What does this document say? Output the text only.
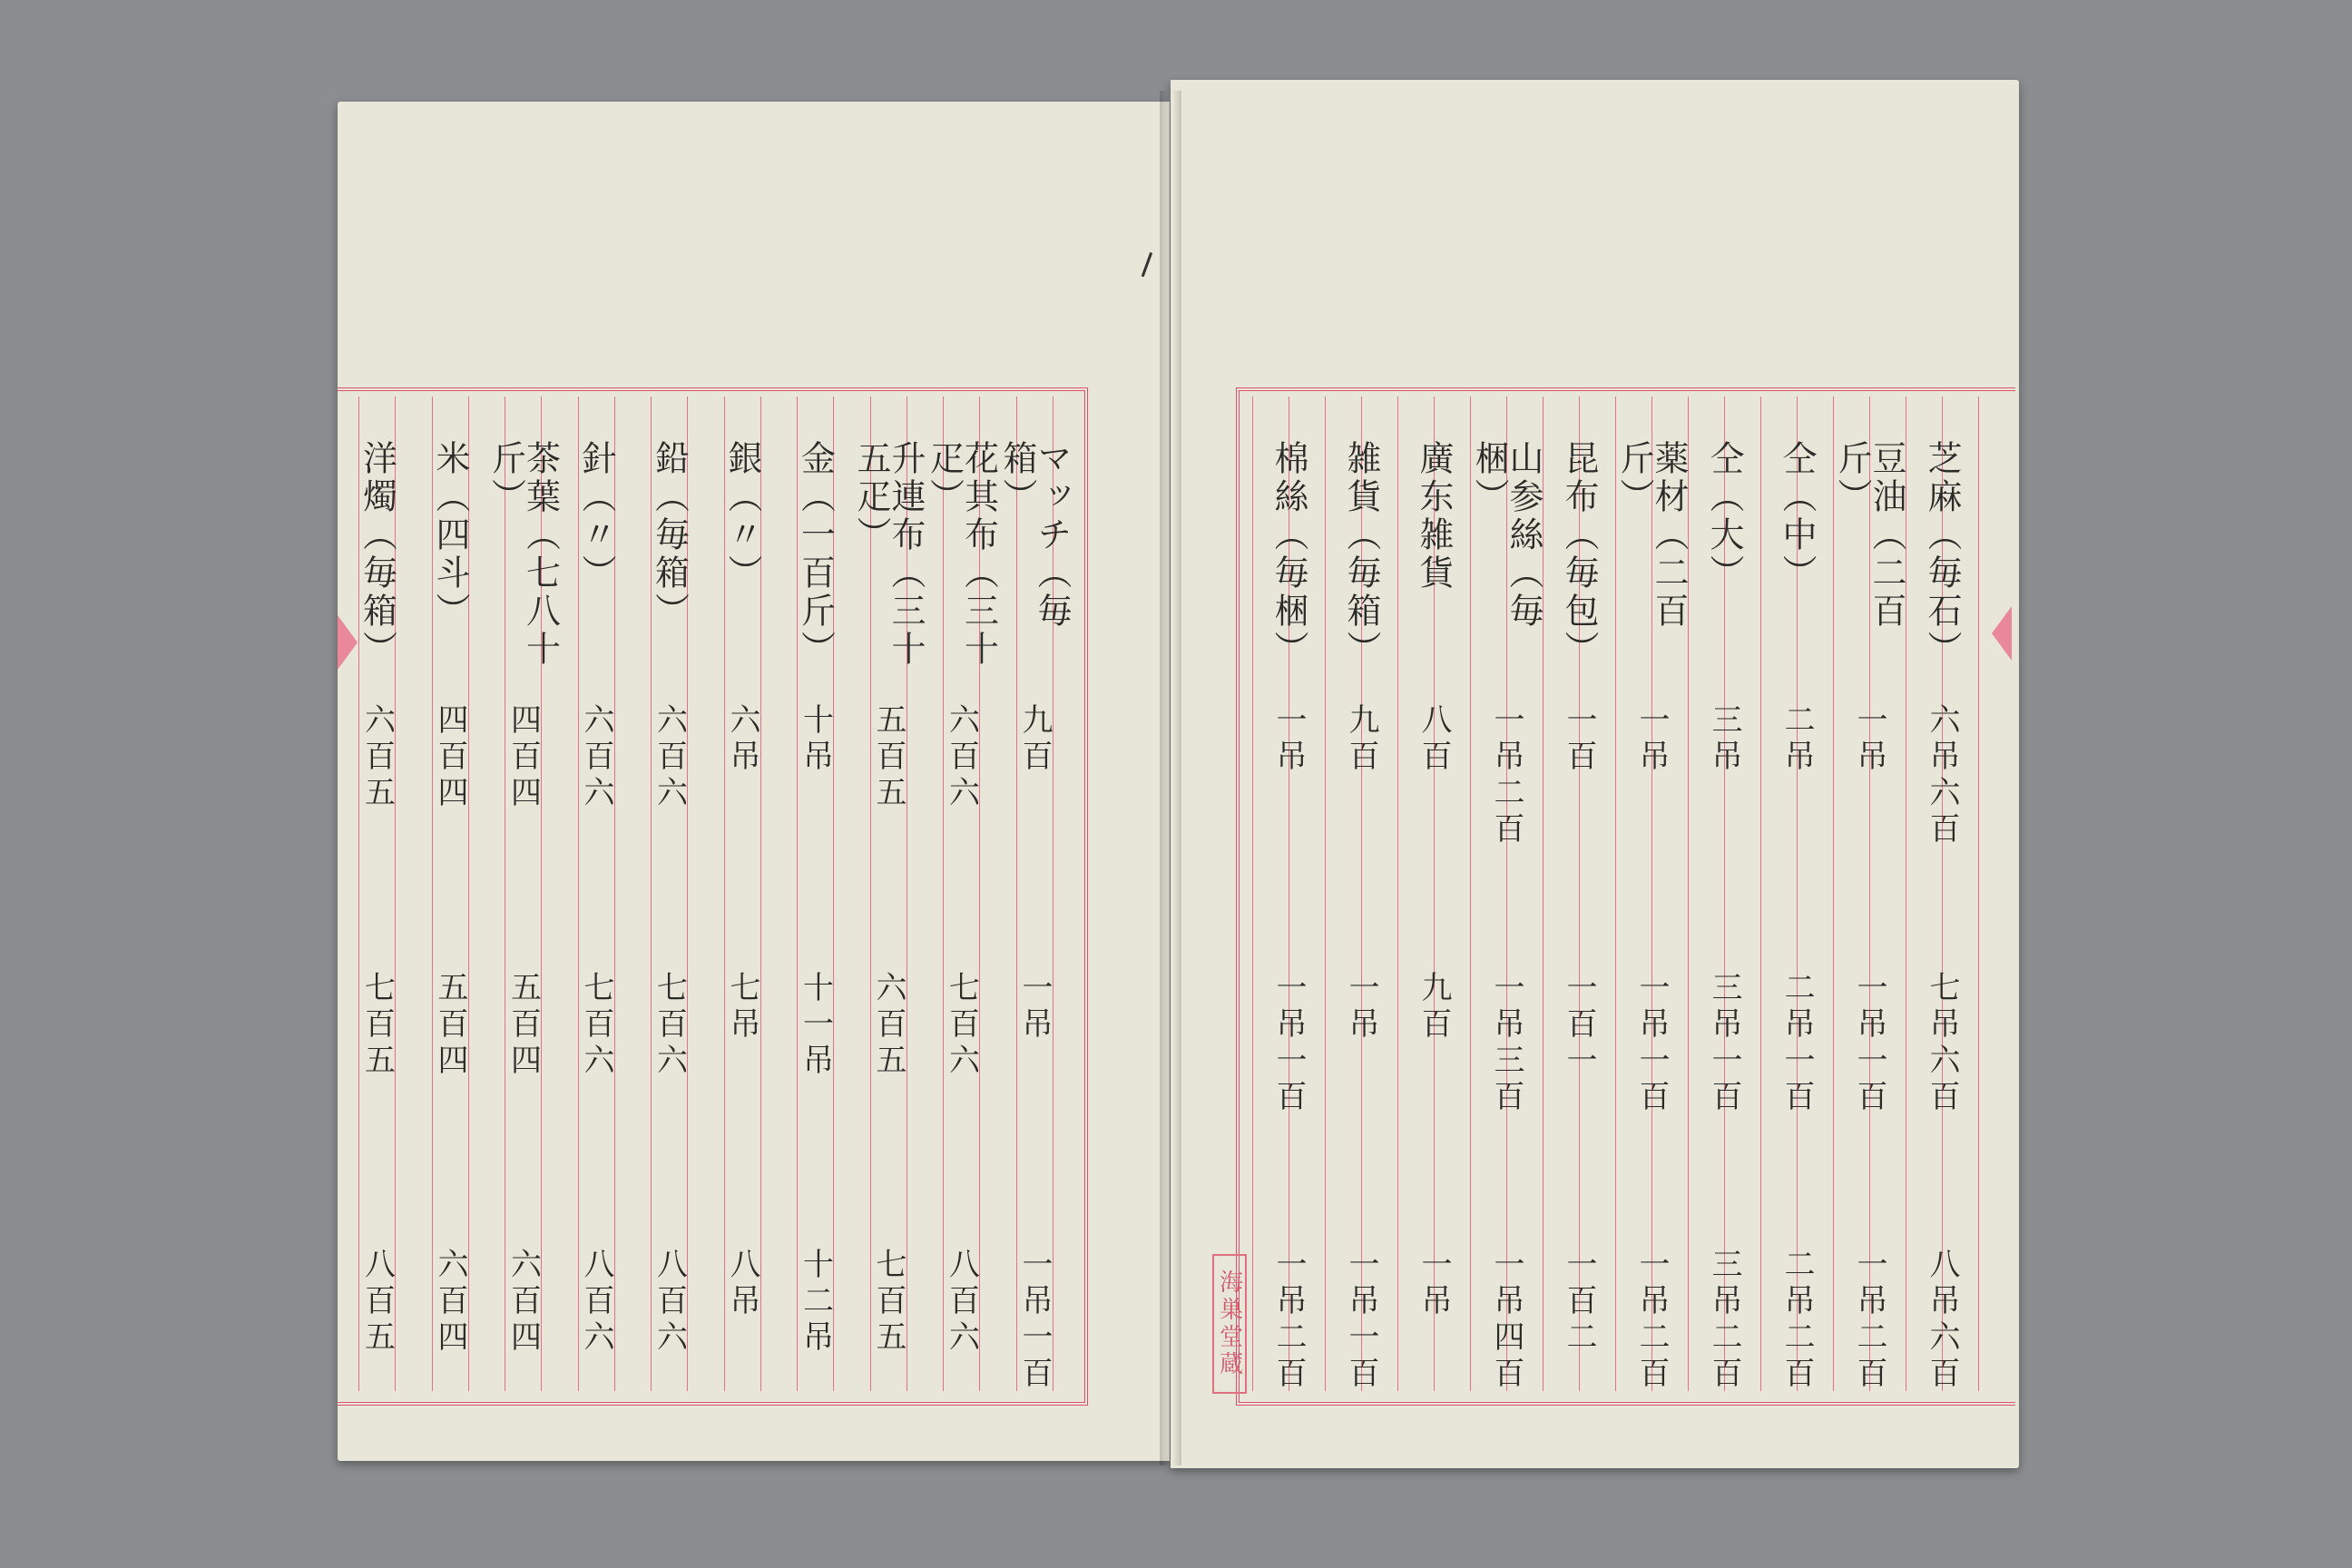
マッチ（毎箱）
九百
一吊
一吊一百
花其布（三十疋）
六百六
七百六
八百六
升連布（三十五疋）
五百五
六百五
七百五
金（一百斤）
十吊
十一吊
十二吊
銀（〃）
六吊
七吊
八吊
鉛（毎箱）
六百六
七百六
八百六
針（〃）
六百六
七百六
八百六
茶葉（七八十斤）
四百四
五百四
六百四
米（四斗）
四百四
五百四
六百四
洋燭（毎箱）
六百五
七百五
八百五
芝麻（毎石）
六吊六百
七吊六百
八吊六百
豆油（二百斤）
一吊
一吊一百
一吊二百
仝（中）
二吊
二吊一百
二吊二百
仝（大）
三吊
三吊一百
三吊二百
薬材（二百斤）
一吊
一吊一百
一吊二百
昆布（毎包）
一百
一百一
一百二
山参絲（毎梱）
一吊二百
一吊三百
一吊四百
廣东雑貨
八百
九百
一吊
雑貨（毎箱）
九百
一吊
一吊一百
棉絲（毎梱）
一吊
一吊一百
一吊二百
海巣堂蔵
